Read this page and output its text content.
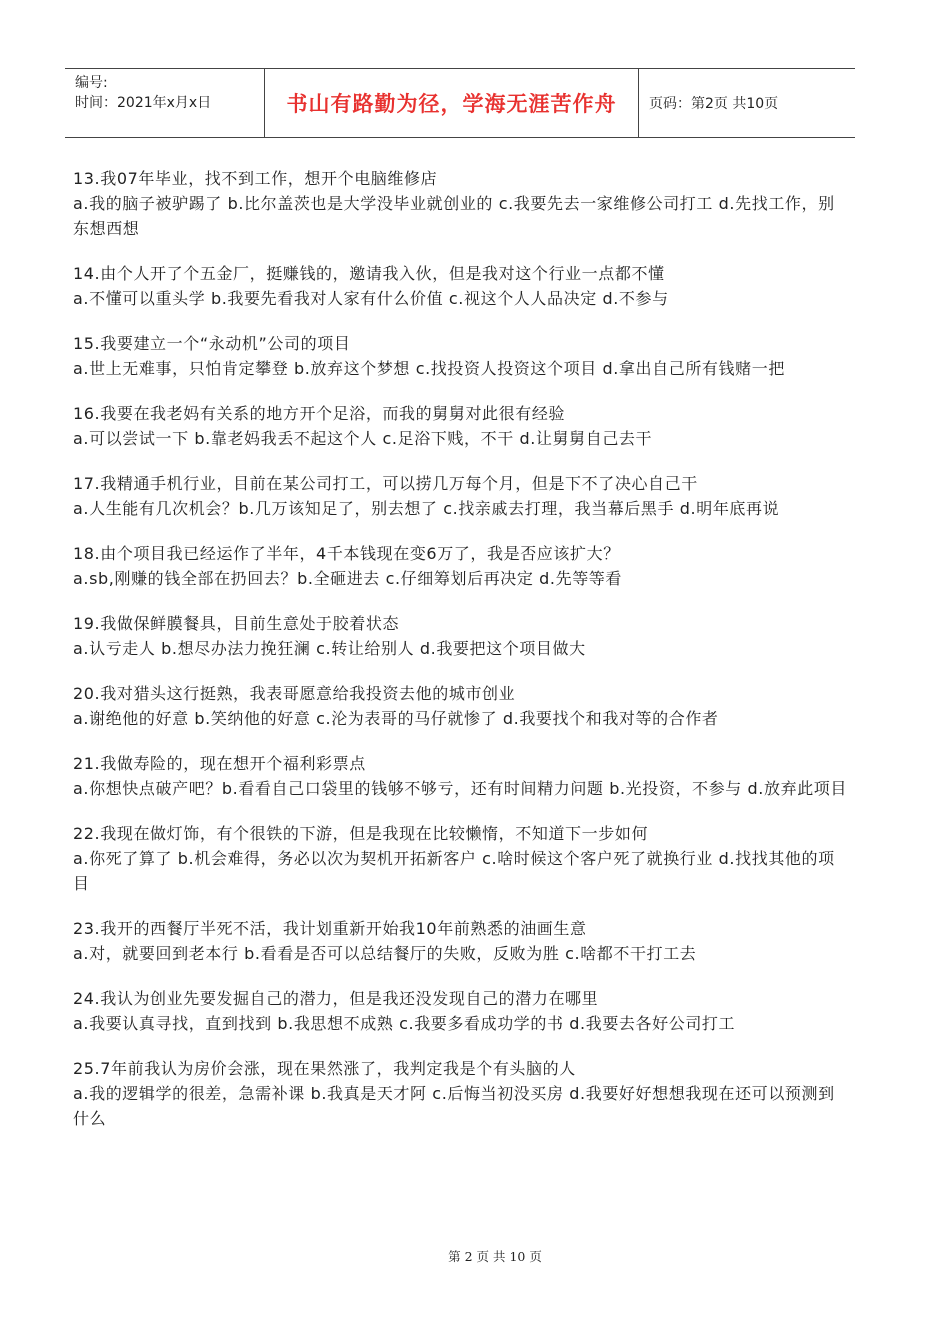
编号:
时间：2021年x月x日	书山有路勤为径，学海无涯苦作舟	页码：第2页 共10页
13.我07年毕业，找不到工作，想开个电脑维修店
a.我的脑子被驴踢了 b.比尔盖茨也是大学没毕业就创业的 c.我要先去一家维修公司打工 d.先找工作，别东想西想
14.由个人开了个五金厂，挺赚钱的，邀请我入伙，但是我对这个行业一点都不懂
a.不懂可以重头学 b.我要先看我对人家有什么价值 c.视这个人人品决定 d.不参与
15.我要建立一个“永动机”公司的项目
a.世上无难事，只怕肯定攀登 b.放弃这个梦想 c.找投资人投资这个项目 d.拿出自己所有钱赌一把
16.我要在我老妈有关系的地方开个足浴，而我的舅舅对此很有经验
a.可以尝试一下 b.靠老妈我丢不起这个人 c.足浴下贱，不干 d.让舅舅自己去干
17.我精通手机行业，目前在某公司打工，可以捞几万每个月，但是下不了决心自己干
a.人生能有几次机会？b.几万该知足了，别去想了 c.找亲戚去打理，我当幕后黑手 d.明年底再说
18.由个项目我已经运作了半年，4千本钱现在变6万了，我是否应该扩大？
a.sb,刚赚的钱全部在扔回去？b.全砸进去 c.仔细筹划后再决定 d.先等等看
19.我做保鲜膜餐具，目前生意处于胶着状态
a.认亏走人 b.想尽办法力挽狂澜 c.转让给别人 d.我要把这个项目做大
20.我对猎头这行挺熟，我表哥愿意给我投资去他的城市创业
a.谢绝他的好意 b.笑纳他的好意 c.沦为表哥的马仔就惨了 d.我要找个和我对等的合作者
21.我做寿险的，现在想开个福利彩票点
a.你想快点破产吧？b.看看自己口袋里的钱够不够亏，还有时间精力问题 b.光投资，不参与 d.放弃此项目
22.我现在做灯饰，有个很铁的下游，但是我现在比较懒惰，不知道下一步如何
a.你死了算了 b.机会难得，务必以次为契机开拓新客户 c.啥时候这个客户死了就换行业 d.找找其他的项目
23.我开的西餐厅半死不活，我计划重新开始我10年前熟悉的油画生意
a.对，就要回到老本行 b.看看是否可以总结餐厅的失败，反败为胜 c.啥都不干打工去
24.我认为创业先要发掘自己的潜力，但是我还没发现自己的潜力在哪里
a.我要认真寻找，直到找到 b.我思想不成熟 c.我要多看成功学的书 d.我要去各好公司打工
25.7年前我认为房价会涨，现在果然涨了，我判定我是个有头脑的人
a.我的逻辑学的很差，急需补课 b.我真是天才阿 c.后悔当初没买房 d.我要好好想想我现在还可以预测到什么
第 2 页 共 10 页
